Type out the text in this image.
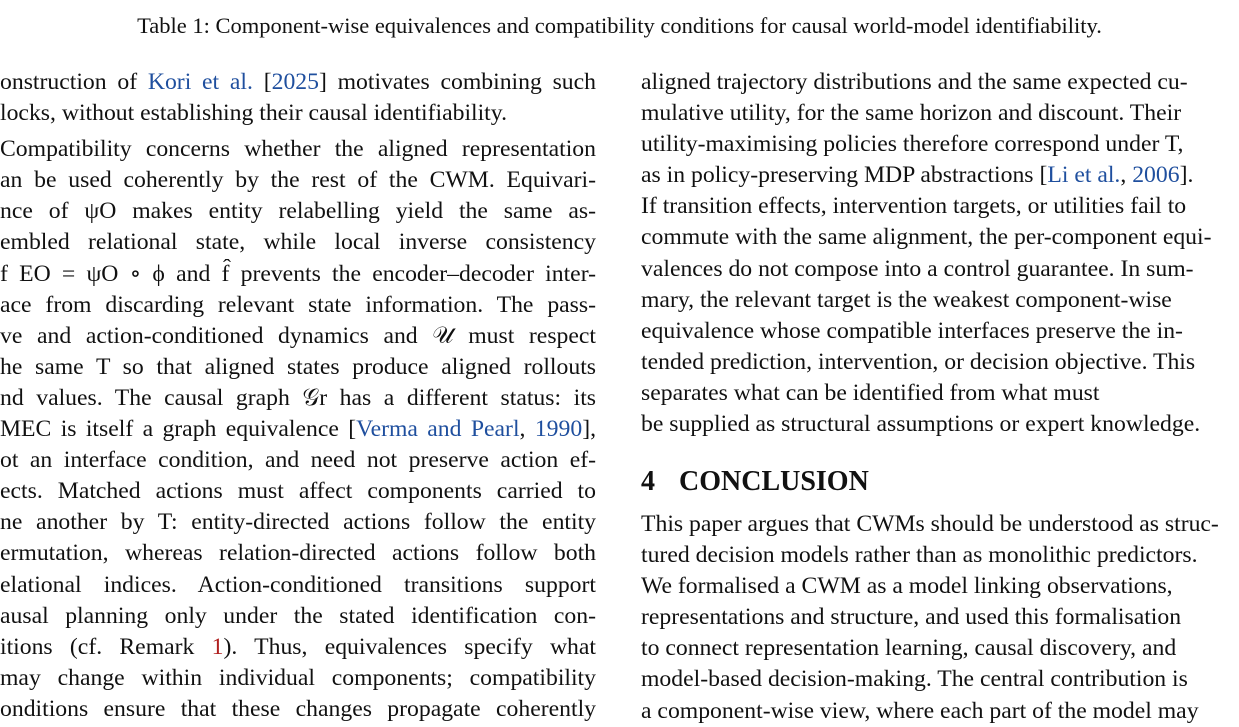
Table 1: Component-wise equivalences and compatibility conditions for causal world-model identifiability.
onstruction of Kori et al. [2025] motivates combining such
locks, without establishing their causal identifiability.
Compatibility concerns whether the aligned representation
an be used coherently by the rest of the CWM. Equivari-
nce of ψO makes entity relabelling yield the same as-
embled relational state, while local inverse consistency
f EO = ψO ∘ ϕ and f̂ prevents the encoder–decoder inter-
ace from discarding relevant state information. The pass-
ve and action-conditioned dynamics and 𝒰 must respect
he same T so that aligned states produce aligned rollouts
nd values. The causal graph 𝒢r has a different status: its
MEC is itself a graph equivalence [Verma and Pearl, 1990],
ot an interface condition, and need not preserve action ef-
ects. Matched actions must affect components carried to
ne another by T: entity-directed actions follow the entity
ermutation, whereas relation-directed actions follow both
elational indices. Action-conditioned transitions support
ausal planning only under the stated identification con-
itions (cf. Remark 1). Thus, equivalences specify what
may change within individual components; compatibility
onditions ensure that these changes propagate coherently
aligned trajectory distributions and the same expected cu-
mulative utility, for the same horizon and discount. Their
utility-maximising policies therefore correspond under T,
as in policy-preserving MDP abstractions [Li et al., 2006].
If transition effects, intervention targets, or utilities fail to
commute with the same alignment, the per-component equi-
valences do not compose into a control guarantee. In sum-
mary, the relevant target is the weakest component-wise
equivalence whose compatible interfaces preserve the in-
tended prediction, intervention, or decision objective. This
separates what can be identified from what must
be supplied as structural assumptions or expert knowledge.
4 CONCLUSION
This paper argues that CWMs should be understood as struc-
tured decision models rather than as monolithic predictors.
We formalised a CWM as a model linking observations,
representations and structure, and used this formalisation
to connect representation learning, causal discovery, and
model-based decision-making. The central contribution is
a component-wise view, where each part of the model may
